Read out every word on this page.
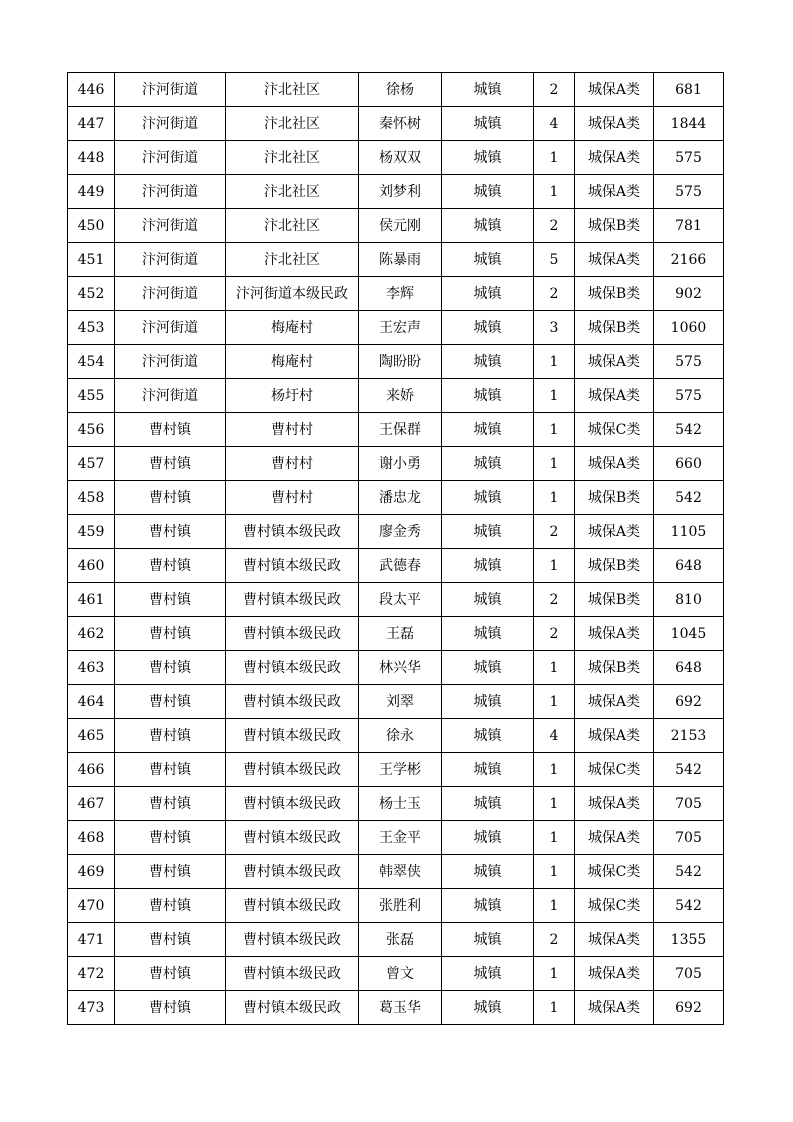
446	汴河街道	汴北社区	徐杨	城镇	2	城保A类	681
447	汴河街道	汴北社区	秦怀树	城镇	4	城保A类	1844
448	汴河街道	汴北社区	杨双双	城镇	1	城保A类	575
449	汴河街道	汴北社区	刘梦利	城镇	1	城保A类	575
450	汴河街道	汴北社区	侯元刚	城镇	2	城保B类	781
451	汴河街道	汴北社区	陈暴雨	城镇	5	城保A类	2166
452	汴河街道	汴河街道本级民政	李辉	城镇	2	城保B类	902
453	汴河街道	梅庵村	王宏声	城镇	3	城保B类	1060
454	汴河街道	梅庵村	陶盼盼	城镇	1	城保A类	575
455	汴河街道	杨圩村	来娇	城镇	1	城保A类	575
456	曹村镇	曹村村	王保群	城镇	1	城保C类	542
457	曹村镇	曹村村	谢小勇	城镇	1	城保A类	660
458	曹村镇	曹村村	潘忠龙	城镇	1	城保B类	542
459	曹村镇	曹村镇本级民政	廖金秀	城镇	2	城保A类	1105
460	曹村镇	曹村镇本级民政	武德春	城镇	1	城保B类	648
461	曹村镇	曹村镇本级民政	段太平	城镇	2	城保B类	810
462	曹村镇	曹村镇本级民政	王磊	城镇	2	城保A类	1045
463	曹村镇	曹村镇本级民政	林兴华	城镇	1	城保B类	648
464	曹村镇	曹村镇本级民政	刘翠	城镇	1	城保A类	692
465	曹村镇	曹村镇本级民政	徐永	城镇	4	城保A类	2153
466	曹村镇	曹村镇本级民政	王学彬	城镇	1	城保C类	542
467	曹村镇	曹村镇本级民政	杨士玉	城镇	1	城保A类	705
468	曹村镇	曹村镇本级民政	王金平	城镇	1	城保A类	705
469	曹村镇	曹村镇本级民政	韩翠侠	城镇	1	城保C类	542
470	曹村镇	曹村镇本级民政	张胜利	城镇	1	城保C类	542
471	曹村镇	曹村镇本级民政	张磊	城镇	2	城保A类	1355
472	曹村镇	曹村镇本级民政	曾文	城镇	1	城保A类	705
473	曹村镇	曹村镇本级民政	葛玉华	城镇	1	城保A类	692
